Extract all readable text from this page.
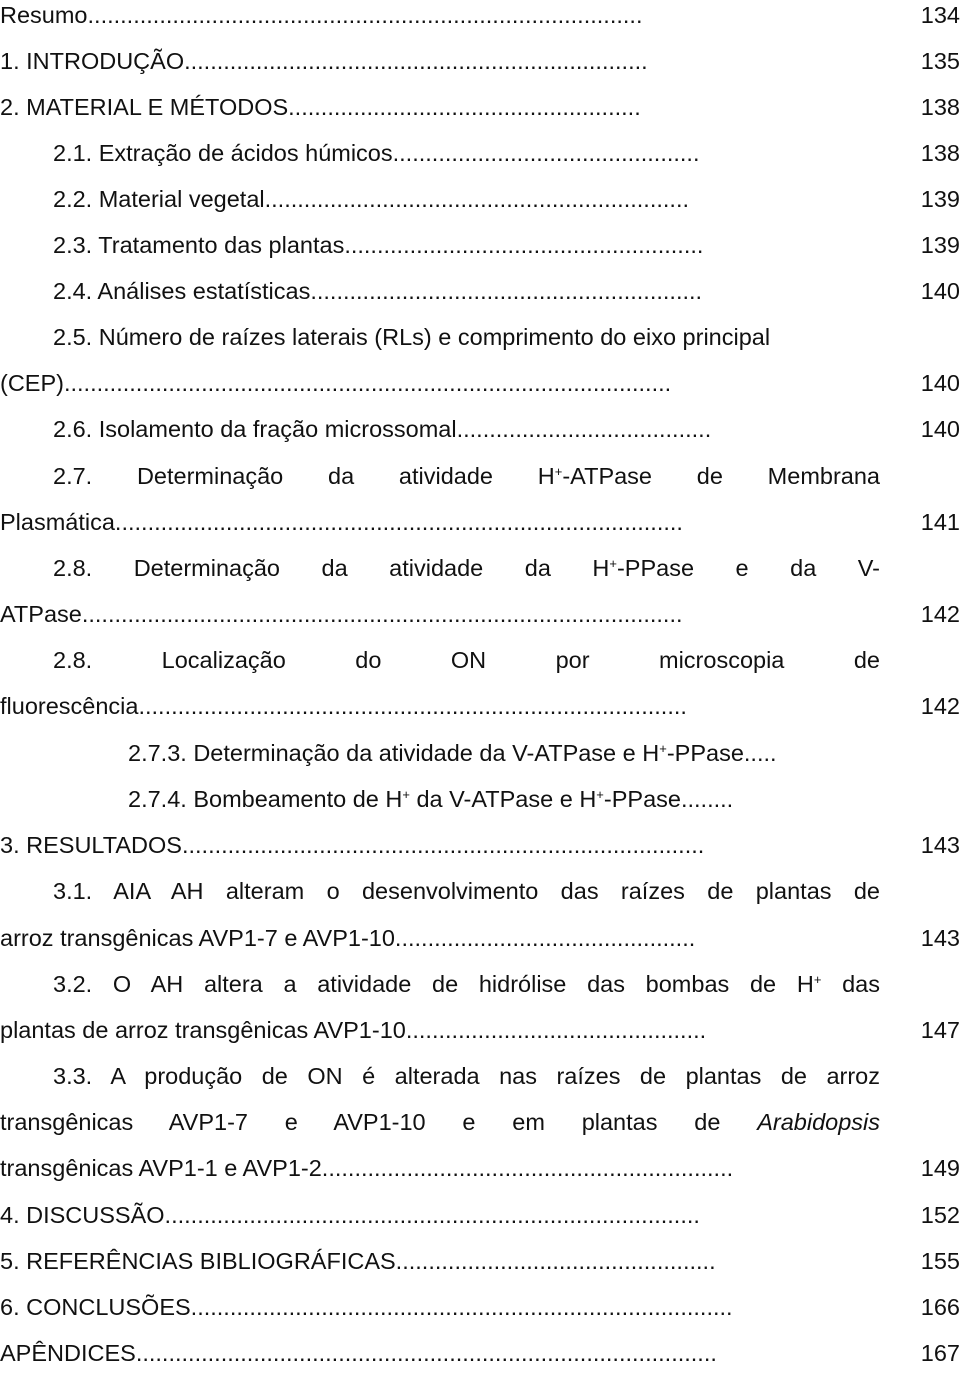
Resumo.....................................................................................	134
1. INTRODUÇÃO.......................................................................	135
2. MATERIAL E MÉTODOS......................................................	138
2.1. Extração de ácidos húmicos...............................................	138
2.2. Material vegetal.................................................................	139
2.3. Tratamento das plantas.......................................................	139
2.4. Análises estatísticas............................................................	140
2.5. Número de raízes laterais (RLs) e comprimento do eixo principal
(CEP).............................................................................................	140
2.6. Isolamento da fração microssomal.......................................	140
2.7. Determinação da atividade H+-ATPase de Membrana
Plasmática.......................................................................................	141
2.8. Determinação da atividade da H+-PPase e da V-
ATPase............................................................................................	142
2.8. Localização do ON por microscopia de
fluorescência....................................................................................	142
2.7.3. Determinação da atividade da V-ATPase e H+-PPase.....
2.7.4. Bombeamento de H+ da V-ATPase e H+-PPase........
3. RESULTADOS................................................................................	143
3.1. AIA AH alteram o desenvolvimento das raízes de plantas de
arroz transgênicas AVP1-7 e AVP1-10..............................................	143
3.2. O AH altera a atividade de hidrólise das bombas de H+ das
plantas de arroz transgênicas AVP1-10..............................................	147
3.3. A produção de ON é alterada nas raízes de plantas de arroz
transgênicas AVP1-7 e AVP1-10 e em plantas de Arabidopsis
transgênicas AVP1-1 e AVP1-2...............................................................	149
4. DISCUSSÃO..................................................................................	152
5. REFERÊNCIAS BIBLIOGRÁFICAS.................................................	155
6. CONCLUSÕES...................................................................................	166
APÊNDICES.........................................................................................	167
